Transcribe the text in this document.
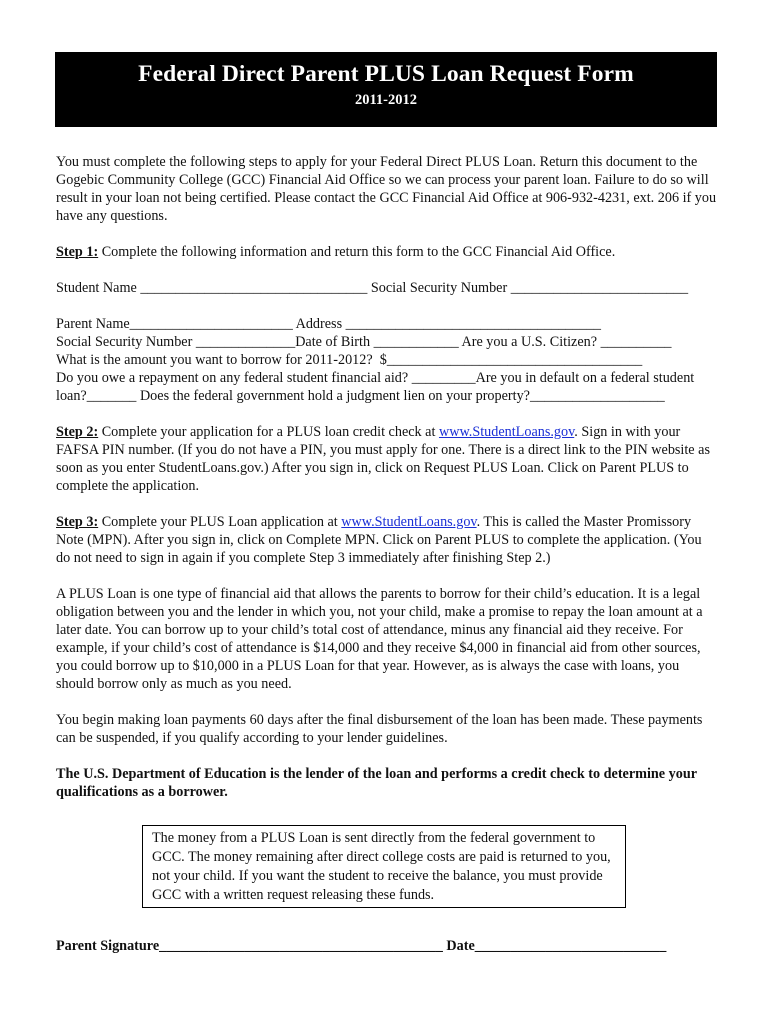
Federal Direct Parent PLUS Loan Request Form
2011-2012

You must complete the following steps to apply for your Federal Direct PLUS Loan. Return this document to the Gogebic Community College (GCC) Financial Aid Office so we can process your parent loan. Failure to do so will result in your loan not being certified. Please contact the GCC Financial Aid Office at 906-932-4231, ext. 206 if you have any questions.

Step 1: Complete the following information and return this form to the GCC Financial Aid Office.

Student Name ________________________________ Social Security Number _________________________

Parent Name_______________________ Address ____________________________________

Social Security Number ______________Date of Birth ____________ Are you a U.S. Citizen? __________

What is the amount you want to borrow for 2011-2012?  $____________________________________

Do you owe a repayment on any federal student financial aid? _________Are you in default on a federal student loan?_______ Does the federal government hold a judgment lien on your property?___________________

Step 2: Complete your application for a PLUS loan credit check at www.StudentLoans.gov. Sign in with your FAFSA PIN number. (If you do not have a PIN, you must apply for one. There is a direct link to the PIN website as soon as you enter StudentLoans.gov.) After you sign in, click on Request PLUS Loan. Click on Parent PLUS to complete the application.

Step 3: Complete your PLUS Loan application at www.StudentLoans.gov. This is called the Master Promissory Note (MPN). After you sign in, click on Complete MPN. Click on Parent PLUS to complete the application. (You do not need to sign in again if you complete Step 3 immediately after finishing Step 2.)

A PLUS Loan is one type of financial aid that allows the parents to borrow for their child’s education. It is a legal obligation between you and the lender in which you, not your child, make a promise to repay the loan amount at a later date. You can borrow up to your child’s total cost of attendance, minus any financial aid they receive. For example, if your child’s cost of attendance is $14,000 and they receive $4,000 in financial aid from other sources, you could borrow up to $10,000 in a PLUS Loan for that year. However, as is always the case with loans, you should borrow only as much as you need.

You begin making loan payments 60 days after the final disbursement of the loan has been made. These payments can be suspended, if you qualify according to your lender guidelines.

The U.S. Department of Education is the lender of the loan and performs a credit check to determine your qualifications as a borrower.

The money from a PLUS Loan is sent directly from the federal government to GCC. The money remaining after direct college costs are paid is returned to you, not your child. If you want the student to receive the balance, you must provide GCC with a written request releasing these funds.
Parent Signature________________________________________ Date___________________________
